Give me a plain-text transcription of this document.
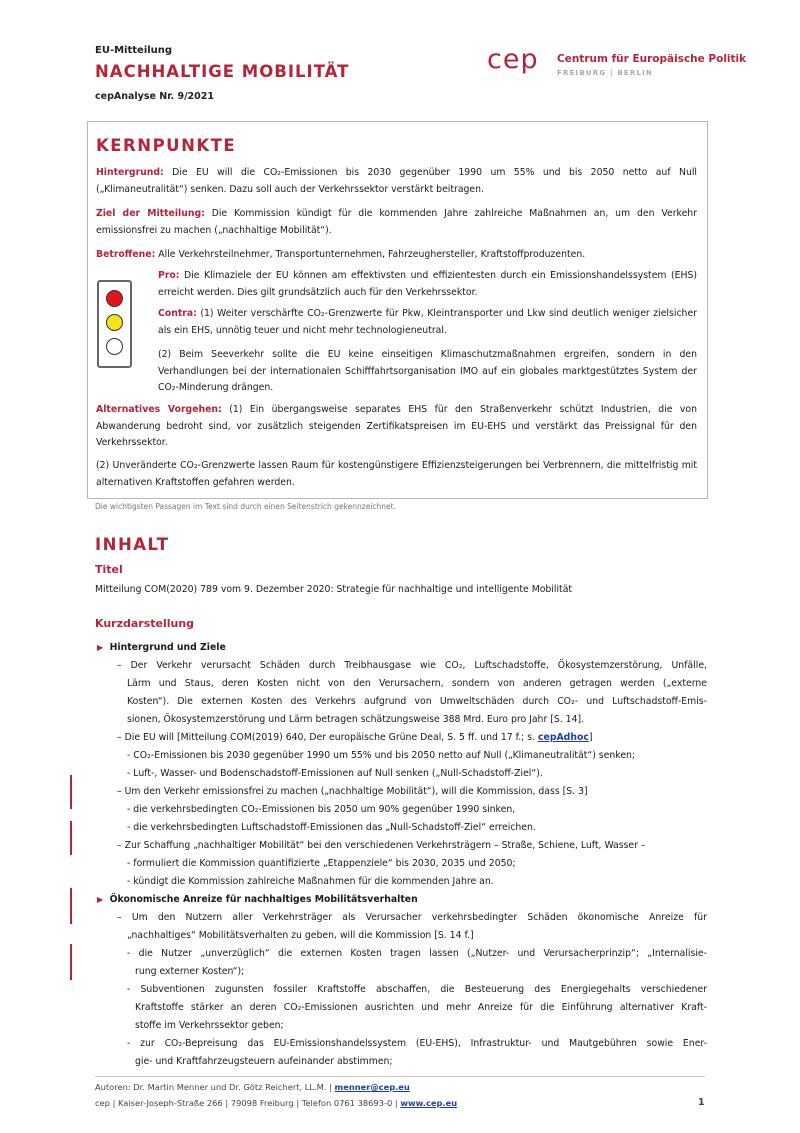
EU-Mitteilung
NACHHALTIGE MOBILITÄT
cepAnalyse Nr. 9/2021
cep Centrum für Europäische Politik
FREIBURG | BERLIN
KERNPUNKTE
Hintergrund: Die EU will die CO₂-Emissionen bis 2030 gegenüber 1990 um 55% und bis 2050 netto auf Null („Klimaneutralität“) senken. Dazu soll auch der Verkehrssektor verstärkt beitragen.
Ziel der Mitteilung: Die Kommission kündigt für die kommenden Jahre zahlreiche Maßnahmen an, um den Verkehr emissionsfrei zu machen („nachhaltige Mobilität“).
Betroffene: Alle Verkehrsteilnehmer, Transportunternehmen, Fahrzeughersteller, Kraftstoffproduzenten.
Pro: Die Klimaziele der EU können am effektivsten und effizientesten durch ein Emissionshandelssystem (EHS) erreicht werden. Dies gilt grundsätzlich auch für den Verkehrssektor.
Contra: (1) Weiter verschärfte CO₂-Grenzwerte für Pkw, Kleintransporter und Lkw sind deutlich weniger zielsicher als ein EHS, unnötig teuer und nicht mehr technologieneutral.
(2) Beim Seeverkehr sollte die EU keine einseitigen Klimaschutzmaßnahmen ergreifen, sondern in den Verhandlungen bei der internationalen Schifffahrtsorganisation IMO auf ein globales marktgestütztes System der CO₂-Minderung drängen.
Alternatives Vorgehen: (1) Ein übergangsweise separates EHS für den Straßenverkehr schützt Industrien, die von Abwanderung bedroht sind, vor zusätzlich steigenden Zertifikatspreisen im EU-EHS und verstärkt das Preissignal für den Verkehrssektor.
(2) Unveränderte CO₂-Grenzwerte lassen Raum für kostengünstigere Effizienzsteigerungen bei Verbrennern, die mittelfristig mit alternativen Kraftstoffen gefahren werden.
Die wichtigsten Passagen im Text sind durch einen Seitenstrich gekennzeichnet.
INHALT
Titel
Mitteilung COM(2020) 789 vom 9. Dezember 2020: Strategie für nachhaltige und intelligente Mobilität
Kurzdarstellung
▶ Hintergrund und Ziele
– Der Verkehr verursacht Schäden durch Treibhausgase wie CO₂, Luftschadstoffe, Ökosystemzerstörung, Unfälle,
Lärm und Staus, deren Kosten nicht von den Verursachern, sondern von anderen getragen werden („externe
Kosten“). Die externen Kosten des Verkehrs aufgrund von Umweltschäden durch CO₂- und Luftschadstoff-Emis-
sionen, Ökosystemzerstörung und Lärm betragen schätzungsweise 388 Mrd. Euro pro Jahr [S. 14].
– Die EU will [Mitteilung COM(2019) 640, Der europäische Grüne Deal, S. 5 ff. und 17 f.; s. cepAdhoc]
- CO₂-Emissionen bis 2030 gegenüber 1990 um 55% und bis 2050 netto auf Null („Klimaneutralität“) senken;
- Luft-, Wasser- und Bodenschadstoff-Emissionen auf Null senken („Null-Schadstoff-Ziel“).
– Um den Verkehr emissionsfrei zu machen („nachhaltige Mobilität“), will die Kommission, dass [S. 3]
- die verkehrsbedingten CO₂-Emissionen bis 2050 um 90% gegenüber 1990 sinken,
- die verkehrsbedingten Luftschadstoff-Emissionen das „Null-Schadstoff-Ziel“ erreichen.
– Zur Schaffung „nachhaltiger Mobilität“ bei den verschiedenen Verkehrsträgern – Straße, Schiene, Luft, Wasser –
- formuliert die Kommission quantifizierte „Etappenziele“ bis 2030, 2035 und 2050;
- kündigt die Kommission zahlreiche Maßnahmen für die kommenden Jahre an.
▶ Ökonomische Anreize für nachhaltiges Mobilitätsverhalten
– Um den Nutzern aller Verkehrsträger als Verursacher verkehrsbedingter Schäden ökonomische Anreize für
„nachhaltiges“ Mobilitätsverhalten zu geben, will die Kommission [S. 14 f.]
- die Nutzer „unverzüglich“ die externen Kosten tragen lassen („Nutzer- und Verursacherprinzip“; „Internalisie-
rung externer Kosten“);
- Subventionen zugunsten fossiler Kraftstoffe abschaffen, die Besteuerung des Energiegehalts verschiedener
Kraftstoffe stärker an deren CO₂-Emissionen ausrichten und mehr Anreize für die Einführung alternativer Kraft-
stoffe im Verkehrssektor geben;
- zur CO₂-Bepreisung das EU-Emissionshandelssystem (EU-EHS), Infrastruktur- und Mautgebühren sowie Ener-
gie- und Kraftfahrzeugsteuern aufeinander abstimmen;
Autoren: Dr. Martin Menner und Dr. Götz Reichert, LL.M. | menner@cep.eu
cep | Kaiser-Joseph-Straße 266 | 79098 Freiburg | Telefon 0761 38693-0 | www.cep.eu	1
